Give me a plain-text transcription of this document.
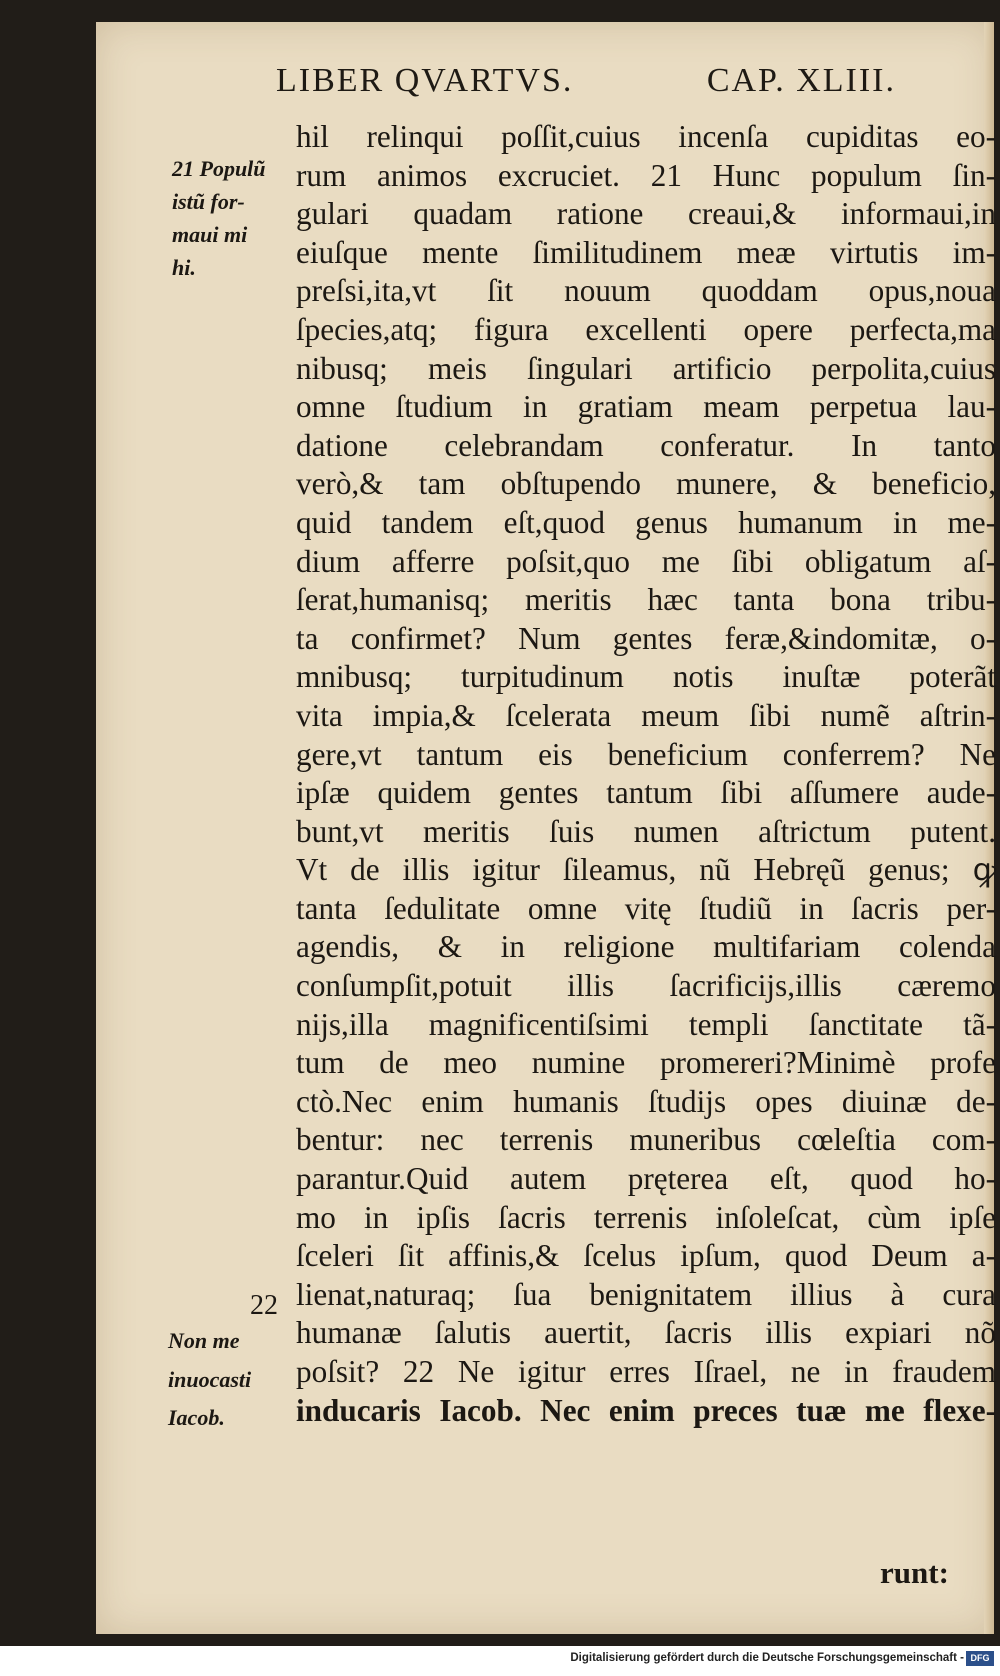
LIBER QVARTVS.	CAP. XLIII.
21 Populũ
istũ for-
maui mi
hi.
22
Non me
inuocasti
Iacob.
hil relinqui poſſit,cuius incenſa cupiditas eo-
rum animos excruciet. 21 Hunc populum ſin-
gulari quadam ratione creaui,& informaui,in
eiuſque mente ſimilitudinem meæ virtutis im-
preſsi,ita,vt ſit nouum quoddam opus,noua
ſpecies,atq; figura excellenti opere perfecta,ma
nibusq; meis ſingulari artificio perpolita,cuius
omne ſtudium in gratiam meam perpetua lau-
datione celebrandam conferatur. In tanto
verò,& tam obſtupendo munere, & beneficio,
quid tandem eſt,quod genus humanum in me-
dium afferre poſsit,quo me ſibi obligatum aſ-
ſerat,humanisq; meritis hæc tanta bona tribu-
ta confirmet? Num gentes feræ,&indomitæ, o-
mnibusq; turpitudinum notis inuſtæ poterãt
vita impia,& ſcelerata meum ſibi numẽ aſtrin-
gere,vt tantum eis beneficium conferrem? Ne
ipſæ quidem gentes tantum ſibi aſſumere aude-
bunt,vt meritis ſuis numen aſtrictum putent.
Vt de illis igitur ſileamus, nũ Hebręũ genus; ꝙ
tanta ſedulitate omne vitę ſtudiũ in ſacris per-
agendis, & in religione multifariam colenda
conſumpſit,potuit illis ſacrificijs,illis cæremo
nijs,illa magnificentiſsimi templi ſanctitate tã-
tum de meo numine promereri?Minimè profe
ctò.Nec enim humanis ſtudijs opes diuinæ de-
bentur: nec terrenis muneribus cœleſtia com-
parantur.Quid autem pręterea eſt, quod ho-
mo in ipſis ſacris terrenis inſoleſcat, cùm ipſe
ſceleri ſit affinis,& ſcelus ipſum, quod Deum a-
lienat,naturaq; ſua benignitatem illius à cura
humanæ ſalutis auertit, ſacris illis expiari nõ
poſsit? 22 Ne igitur erres Iſrael, ne in fraudem
inducaris Iacob. Nec enim preces tuæ me flexe-
runt:
Digitalisierung gefördert durch die Deutsche Forschungsgemeinschaft - DFG
